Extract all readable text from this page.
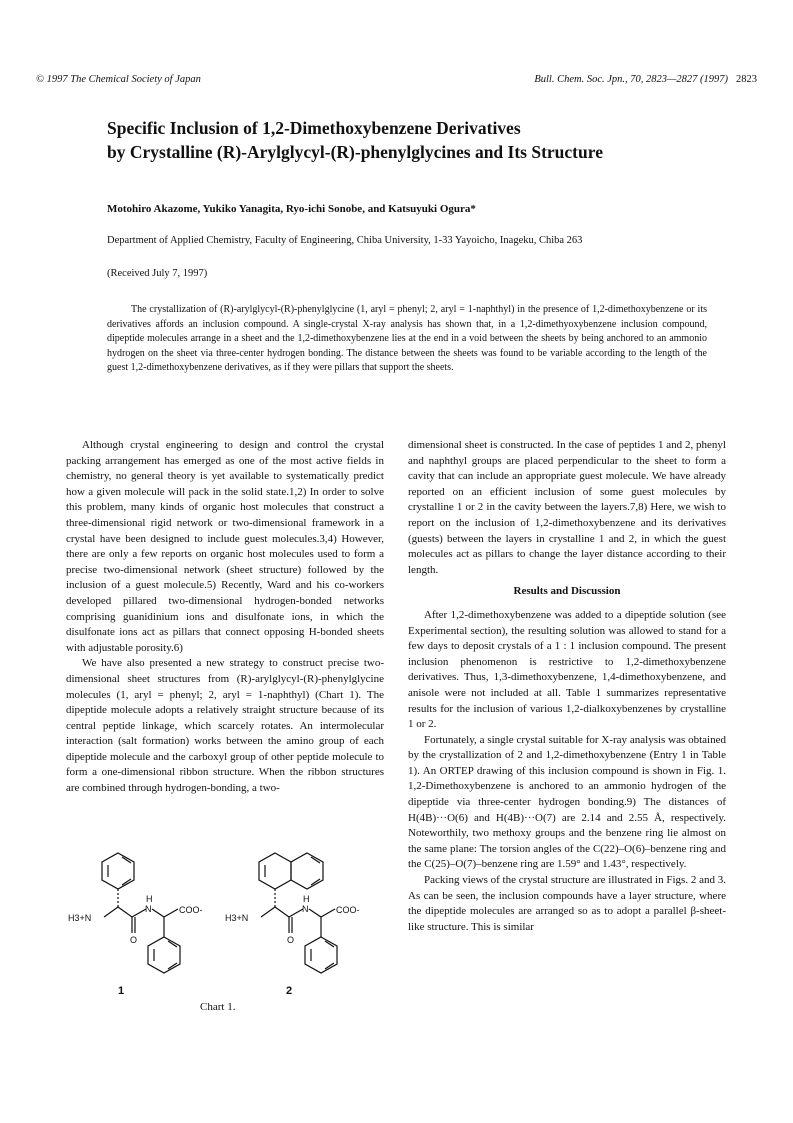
© 1997 The Chemical Society of Japan	Bull. Chem. Soc. Jpn., 70, 2823—2827 (1997) 2823
Specific Inclusion of 1,2-Dimethoxybenzene Derivatives
by Crystalline (R)-Arylglycyl-(R)-phenylglycines and Its Structure
Motohiro Akazome, Yukiko Yanagita, Ryo-ichi Sonobe, and Katsuyuki Ogura*
Department of Applied Chemistry, Faculty of Engineering, Chiba University, 1-33 Yayoicho, Inageku, Chiba 263
(Received July 7, 1997)
The crystallization of (R)-arylglycyl-(R)-phenylglycine (1, aryl = phenyl; 2, aryl = 1-naphthyl) in the presence of 1,2-dimethoxybenzene or its derivatives affords an inclusion compound. A single-crystal X-ray analysis has shown that, in a 1,2-dimethyoxybenzene inclusion compound, dipeptide molecules arrange in a sheet and the 1,2-dimethoxybenzene lies at the end in a void between the sheets by being anchored to an ammonio hydrogen on the sheet via three-center hydrogen bonding. The distance between the sheets was found to be variable according to the length of the guest 1,2-dimethoxybenzene derivatives, as if they were pillars that support the sheets.

Although crystal engineering to design and control the crystal packing arrangement has emerged as one of the most active fields in chemistry, no general theory is yet available to systematically predict how a given molecule will pack in the solid state.1,2) In order to solve this problem, many kinds of organic host molecules that construct a three-dimensional rigid network or two-dimensional framework in a crystal have been designed to include guest molecules.3,4) However, there are only a few reports on organic host molecules used to form a precise two-dimensional network (sheet structure) followed by the inclusion of a guest molecule.5) Recently, Ward and his co-workers developed pillared two-dimensional hydrogen-bonded networks comprising guanidinium ions and disulfonate ions, in which the disulfonate ions act as pillars that connect opposing H-bonded sheets with adjustable porosity.6)

We have also presented a new strategy to construct precise two-dimensional sheet structures from (R)-arylglycyl-(R)-phenylglycine molecules (1, aryl = phenyl; 2, aryl = 1-naphthyl) (Chart 1). The dipeptide molecule adopts a relatively straight structure because of its central peptide linkage, which scarcely rotates. An intermolecular interaction (salt formation) works between the amino group of each dipeptide molecule and the carboxyl group of other peptide molecule to form a one-dimensional ribbon structure. When the ribbon structures are combined through hydrogen-bonding, a two-

dimensional sheet is constructed. In the case of peptides 1 and 2, phenyl and naphthyl groups are placed perpendicular to the sheet to form a cavity that can include an appropriate guest molecule. We have already reported on an efficient inclusion of some guest molecules by crystalline 1 or 2 in the cavity between the layers.7,8) Here, we wish to report on the inclusion of 1,2-dimethoxybenzene and its derivatives (guests) between the layers in crystalline 1 and 2, in which the guest molecules act as pillars to change the layer distance according to their length.

Results and Discussion

After 1,2-dimethoxybenzene was added to a dipeptide solution (see Experimental section), the resulting solution was allowed to stand for a few days to deposit crystals of a 1 : 1 inclusion compound. The present inclusion phenomenon is restrictive to 1,2-dimethoxybenzene derivatives. Thus, 1,3-dimethoxybenzene, 1,4-dimethoxybenzene, and anisole were not included at all. Table 1 summarizes representative results for the inclusion of various 1,2-dialkoxybenzenes by crystalline 1 or 2.

Fortunately, a single crystal suitable for X-ray analysis was obtained by the crystallization of 2 and 1,2-dimethoxybenzene (Entry 1 in Table 1). An ORTEP drawing of this inclusion compound is shown in Fig. 1. 1,2-Dimethoxybenzene is anchored to an ammonio hydrogen of the dipeptide via three-center hydrogen bonding.9) The distances of H(4B)···O(6) and H(4B)···O(7) are 2.14 and 2.55 Å, respectively. Noteworthily, two methoxy groups and the benzene ring lie almost on the same plane: The torsion angles of the C(22)–O(6)–benzene ring and the C(25)–O(7)–benzene ring are 1.59° and 1.43°, respectively.

Packing views of the crystal structure are illustrated in Figs. 2 and 3. As can be seen, the inclusion compounds have a layer structure, where the dipeptide molecules are arranged so as to adopt a parallel β-sheet-like structure. This is similar

H3+N
H
N	COO-
O
H3+N
H
N	COO-
O
1	2
Chart 1.
